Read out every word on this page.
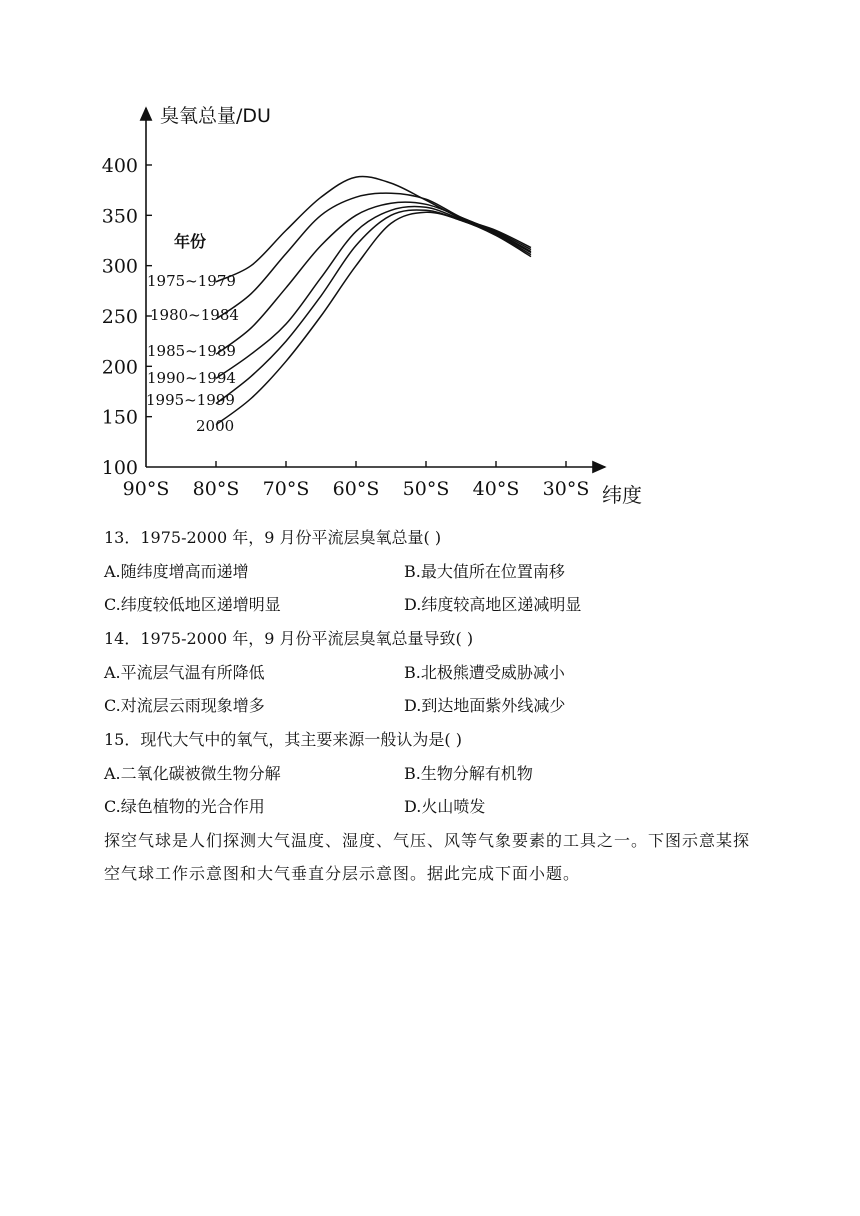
100
150
200
250
300
350
400
90°S 80°S 70°S 60°S 50°S 40°S 30°S
1975~1979
1980~1984
1985~1989
1990~1994
1995~1999
2000
臭氧总量/DU
纬度
年份
13．1975-2000 年，9 月份平流层臭氧总量( )
A.随纬度增高而递增	B.最大值所在位置南移
C.纬度较低地区递增明显	D.纬度较高地区递减明显
14．1975-2000 年，9 月份平流层臭氧总量导致( )
A.平流层气温有所降低	B.北极熊遭受威胁减小
C.对流层云雨现象增多	D.到达地面紫外线减少
15．现代大气中的氧气，其主要来源一般认为是( )
A.二氧化碳被微生物分解	B.生物分解有机物
C.绿色植物的光合作用	D.火山喷发
探空气球是人们探测大气温度、湿度、气压、风等气象要素的工具之一。下图示意某探空气球工作示意图和大气垂直分层示意图。据此完成下面小题。
